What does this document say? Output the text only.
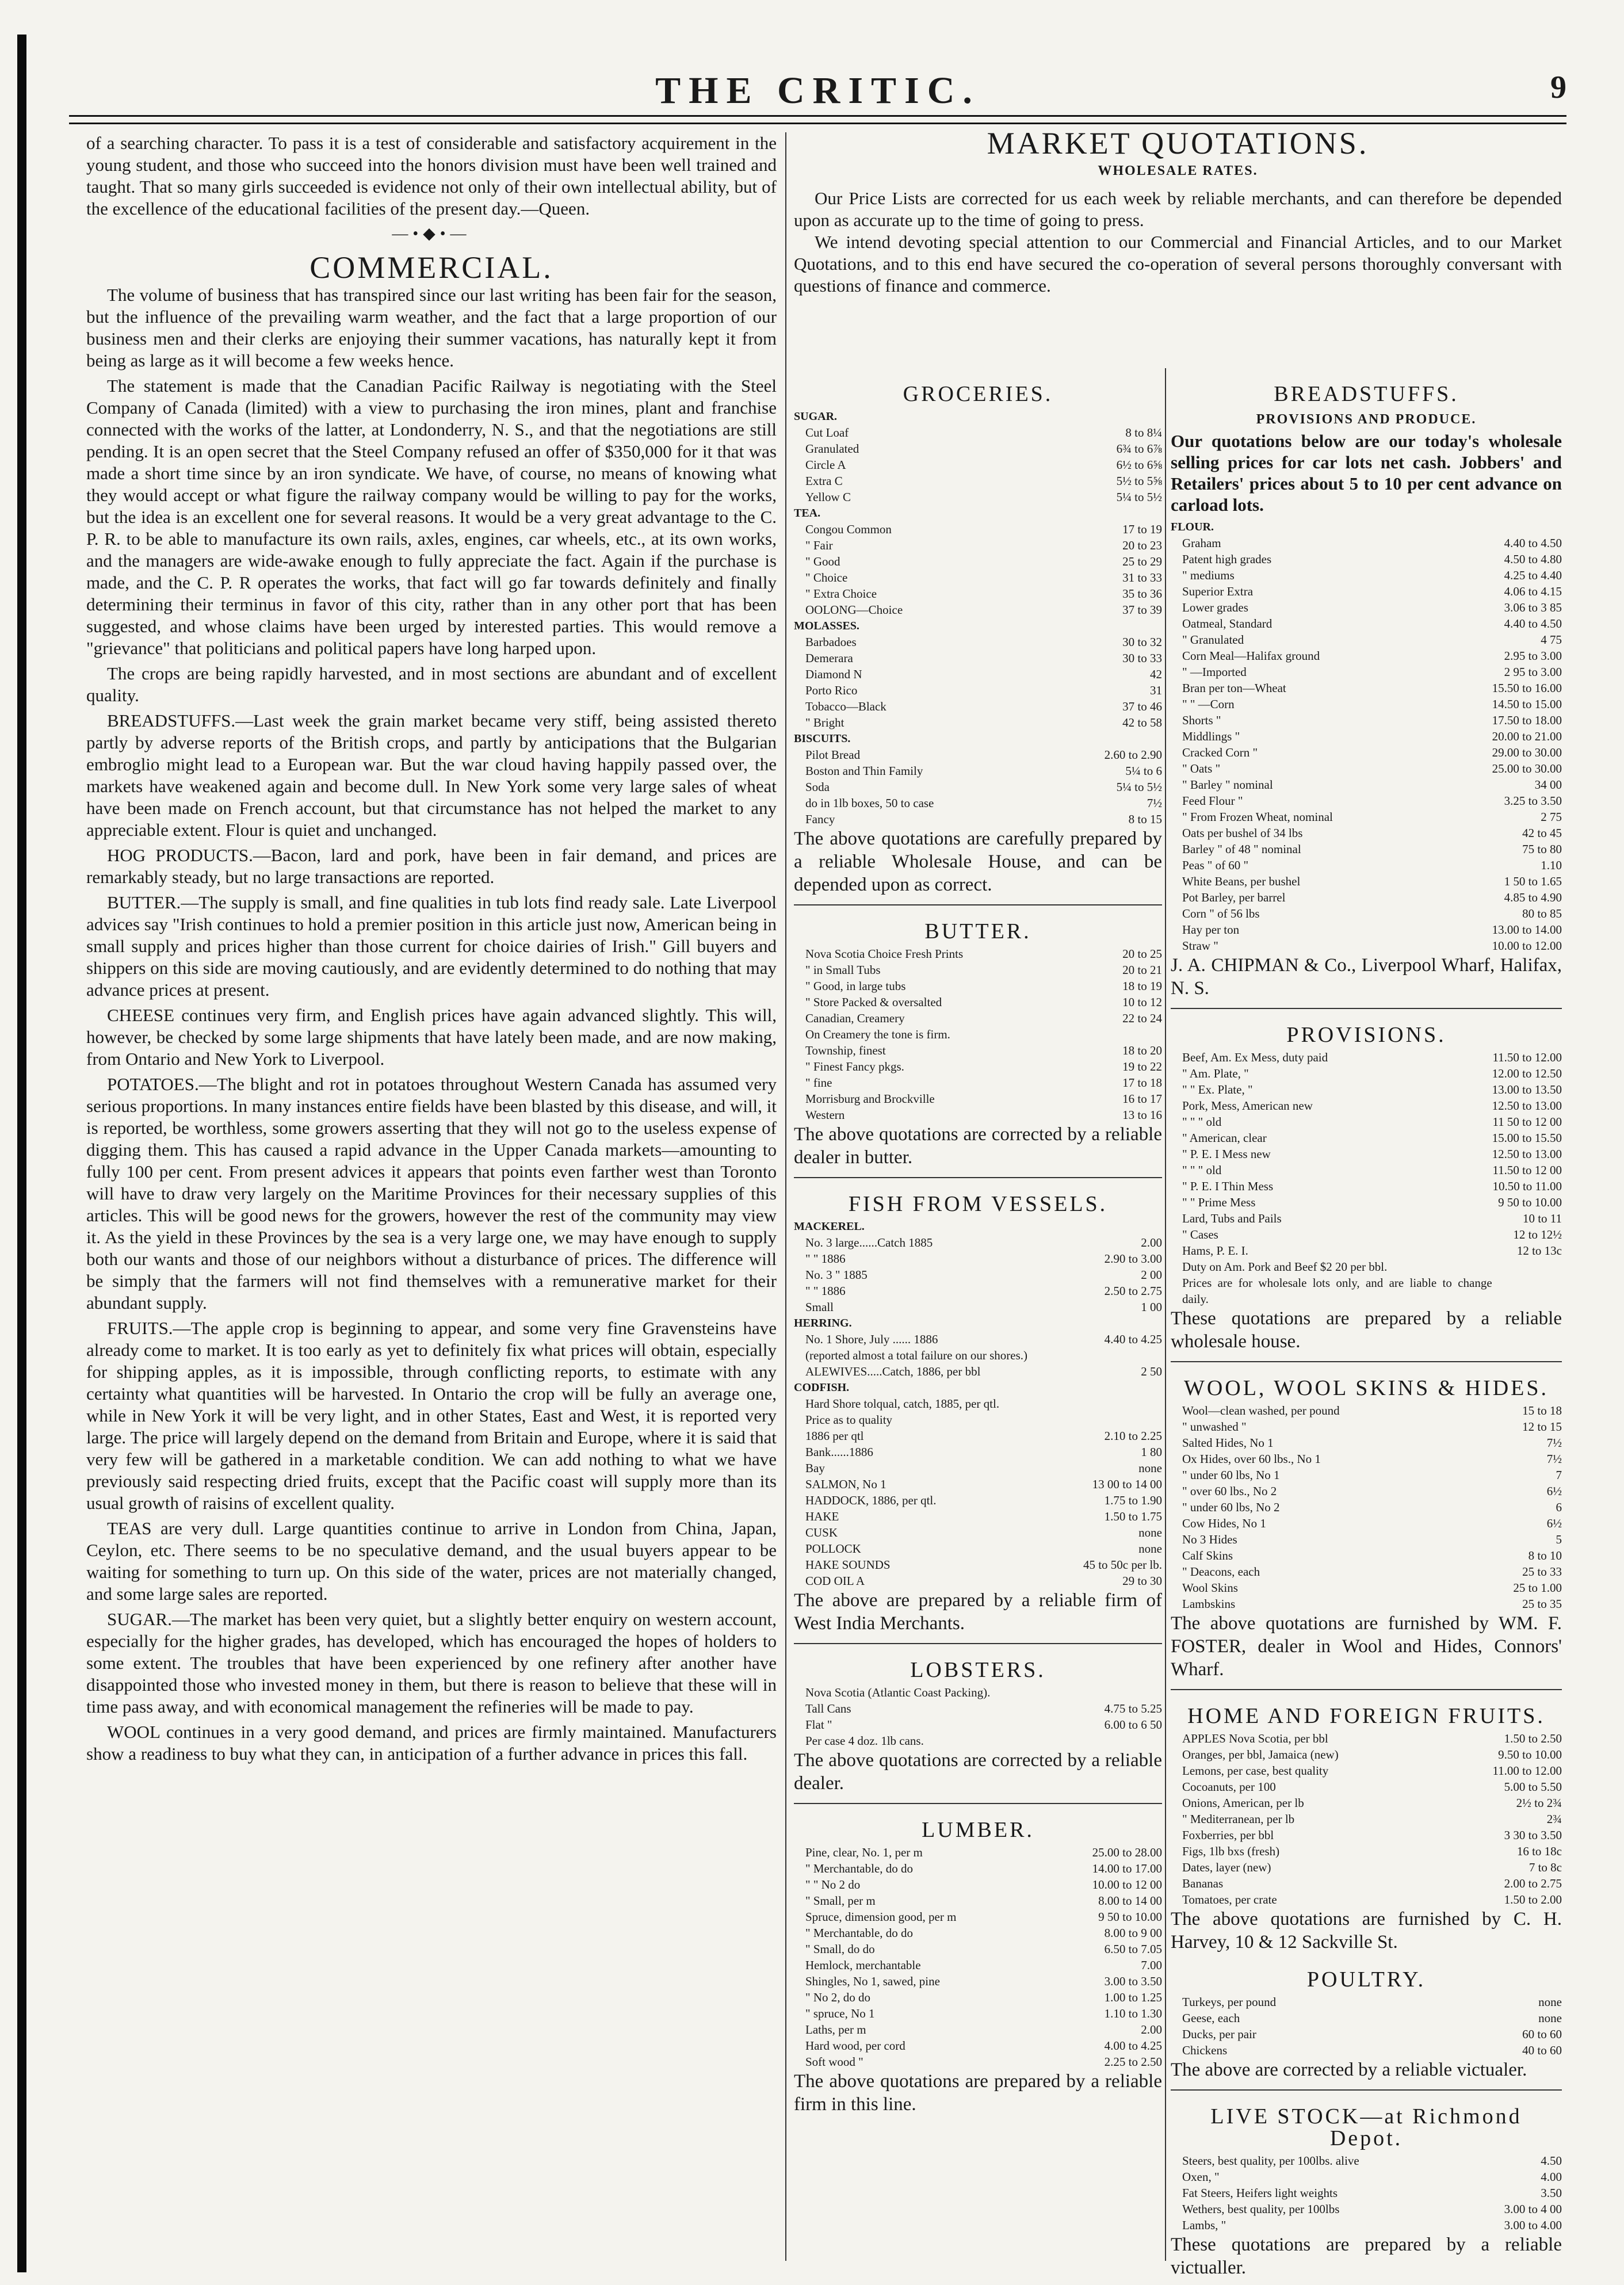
THE CRITIC.	9

of a searching character. To pass it is a test of considerable and satisfactory acquirement in the young student, and those who succeed into the honors division must have been well trained and taught. That so many girls succeeded is evidence not only of their own intellectual ability, but of the excellence of the educational facilities of the present day.—Queen.

—•◆•—
COMMERCIAL.

The volume of business that has transpired since our last writing has been fair for the season, but the influence of the prevailing warm weather, and the fact that a large proportion of our business men and their clerks are enjoying their summer vacations, has naturally kept it from being as large as it will become a few weeks hence.

The statement is made that the Canadian Pacific Railway is negotiating with the Steel Company of Canada (limited) with a view to purchasing the iron mines, plant and franchise connected with the works of the latter, at Londonderry, N. S., and that the negotiations are still pending. It is an open secret that the Steel Company refused an offer of $350,000 for it that was made a short time since by an iron syndicate. We have, of course, no means of knowing what they would accept or what figure the railway company would be willing to pay for the works, but the idea is an excellent one for several reasons. It would be a very great advantage to the C. P. R. to be able to manufacture its own rails, axles, engines, car wheels, etc., at its own works, and the managers are wide-awake enough to fully appreciate the fact. Again if the purchase is made, and the C. P. R operates the works, that fact will go far towards definitely and finally determining their terminus in favor of this city, rather than in any other port that has been suggested, and whose claims have been urged by interested parties. This would remove a "grievance" that politicians and political papers have long harped upon.

The crops are being rapidly harvested, and in most sections are abundant and of excellent quality.

BREADSTUFFS.—Last week the grain market became very stiff, being assisted thereto partly by adverse reports of the British crops, and partly by anticipations that the Bulgarian embroglio might lead to a European war. But the war cloud having happily passed over, the markets have weakened again and become dull. In New York some very large sales of wheat have been made on French account, but that circumstance has not helped the market to any appreciable extent. Flour is quiet and unchanged.

HOG PRODUCTS.—Bacon, lard and pork, have been in fair demand, and prices are remarkably steady, but no large transactions are reported.

BUTTER.—The supply is small, and fine qualities in tub lots find ready sale. Late Liverpool advices say "Irish continues to hold a premier position in this article just now, American being in small supply and prices higher than those current for choice dairies of Irish." Gill buyers and shippers on this side are moving cautiously, and are evidently determined to do nothing that may advance prices at present.

CHEESE continues very firm, and English prices have again advanced slightly. This will, however, be checked by some large shipments that have lately been made, and are now making, from Ontario and New York to Liverpool.

POTATOES.—The blight and rot in potatoes throughout Western Canada has assumed very serious proportions. In many instances entire fields have been blasted by this disease, and will, it is reported, be worthless, some growers asserting that they will not go to the useless expense of digging them. This has caused a rapid advance in the Upper Canada markets—amounting to fully 100 per cent. From present advices it appears that points even farther west than Toronto will have to draw very largely on the Maritime Provinces for their necessary supplies of this articles. This will be good news for the growers, however the rest of the community may view it. As the yield in these Provinces by the sea is a very large one, we may have enough to supply both our wants and those of our neighbors without a disturbance of prices. The difference will be simply that the farmers will not find themselves with a remunerative market for their abundant supply.

FRUITS.—The apple crop is beginning to appear, and some very fine Gravensteins have already come to market. It is too early as yet to definitely fix what prices will obtain, especially for shipping apples, as it is impossible, through conflicting reports, to estimate with any certainty what quantities will be harvested. In Ontario the crop will be fully an average one, while in New York it will be very light, and in other States, East and West, it is reported very large. The price will largely depend on the demand from Britain and Europe, where it is said that very few will be gathered in a marketable condition. We can add nothing to what we have previously said respecting dried fruits, except that the Pacific coast will supply more than its usual growth of raisins of excellent quality.

TEAS are very dull. Large quantities continue to arrive in London from China, Japan, Ceylon, etc. There seems to be no speculative demand, and the usual buyers appear to be waiting for something to turn up. On this side of the water, prices are not materially changed, and some large sales are reported.

SUGAR.—The market has been very quiet, but a slightly better enquiry on western account, especially for the higher grades, has developed, which has encouraged the hopes of holders to some extent. The troubles that have been experienced by one refinery after another have disappointed those who invested money in them, but there is reason to believe that these will in time pass away, and with economical management the refineries will be made to pay.

WOOL continues in a very good demand, and prices are firmly maintained. Manufacturers show a readiness to buy what they can, in anticipation of a further advance in prices this fall.

MARKET QUOTATIONS.
WHOLESALE RATES.

Our Price Lists are corrected for us each week by reliable merchants, and can therefore be depended upon as accurate up to the time of going to press.

We intend devoting special attention to our Commercial and Financial Articles, and to our Market Quotations, and to this end have secured the co-operation of several persons thoroughly conversant with questions of finance and commerce.

GROCERIES.
SUGAR.	
Cut Loaf	8 to 8¼
Granulated	6¾ to 6⅞
Circle A	6½ to 6⅝
Extra C	5½ to 5⅝
Yellow C	5¼ to 5½
TEA.	
Congou Common	17 to 19
" Fair	20 to 23
" Good	25 to 29
" Choice	31 to 33
" Extra Choice	35 to 36
OOLONG—Choice	37 to 39
MOLASSES.	
Barbadoes	30 to 32
Demerara	30 to 33
Diamond N	42
Porto Rico	31
Tobacco—Black	37 to 46
" Bright	42 to 58
BISCUITS.	
Pilot Bread	2.60 to 2.90
Boston and Thin Family	5¼ to 6
Soda	5¼ to 5½
do in 1lb boxes, 50 to case	7½
Fancy	8 to 15

The above quotations are carefully prepared by a reliable Wholesale House, and can be depended upon as correct.

BUTTER.
Nova Scotia Choice Fresh Prints	20 to 25
" in Small Tubs	20 to 21
" Good, in large tubs	18 to 19
" Store Packed & oversalted	10 to 12
Canadian, Creamery	22 to 24
On Creamery the tone is firm.	
Township, finest	18 to 20
" Finest Fancy pkgs.	19 to 22
" fine	17 to 18
Morrisburg and Brockville	16 to 17
Western	13 to 16

The above quotations are corrected by a reliable dealer in butter.

FISH FROM VESSELS.
MACKEREL.	
No. 3 large......Catch 1885	2.00
" " 1886	2.90 to 3.00
No. 3 " 1885	2 00
" " 1886	2.50 to 2.75
Small	1 00
HERRING.	
No. 1 Shore, July ...... 1886	4.40 to 4.25
(reported almost a total failure on our shores.)	
ALEWIVES.....Catch, 1886, per bbl	2 50
CODFISH.	
Hard Shore tolqual, catch, 1885, per qtl.	
Price as to quality	
1886 per qtl	2.10 to 2.25
Bank......1886	1 80
Bay	none
SALMON, No 1	13 00 to 14 00
HADDOCK, 1886, per qtl.	1.75 to 1.90
HAKE	1.50 to 1.75
CUSK	none
POLLOCK	none
HAKE SOUNDS	45 to 50c per lb.
COD OIL A	29 to 30

The above are prepared by a reliable firm of West India Merchants.

LOBSTERS.
Nova Scotia (Atlantic Coast Packing).	
Tall Cans	4.75 to 5.25
Flat "	6.00 to 6 50
Per case 4 doz. 1lb cans.	

The above quotations are corrected by a reliable dealer.

LUMBER.
Pine, clear, No. 1, per m	25.00 to 28.00
" Merchantable, do do	14.00 to 17.00
" " No 2 do	10.00 to 12 00
" Small, per m	8.00 to 14 00
Spruce, dimension good, per m	9 50 to 10.00
" Merchantable, do do	8.00 to 9 00
" Small, do do	6.50 to 7.05
Hemlock, merchantable	7.00
Shingles, No 1, sawed, pine	3.00 to 3.50
" No 2, do do	1.00 to 1.25
" spruce, No 1	1.10 to 1.30
Laths, per m	2.00
Hard wood, per cord	4.00 to 4.25
Soft wood "	2.25 to 2.50

The above quotations are prepared by a reliable firm in this line.

BREADSTUFFS.
PROVISIONS AND PRODUCE.

Our quotations below are our today's wholesale selling prices for car lots net cash. Jobbers' and Retailers' prices about 5 to 10 per cent advance on carload lots.

FLOUR.	
Graham	4.40 to 4.50
Patent high grades	4.50 to 4.80
" mediums	4.25 to 4.40
Superior Extra	4.06 to 4.15
Lower grades	3.06 to 3 85
Oatmeal, Standard	4.40 to 4.50
" Granulated	4 75
Corn Meal—Halifax ground	2.95 to 3.00
" —Imported	2 95 to 3.00
Bran per ton—Wheat	15.50 to 16.00
" " —Corn	14.50 to 15.00
Shorts "	17.50 to 18.00
Middlings "	20.00 to 21.00
Cracked Corn "	29.00 to 30.00
" Oats "	25.00 to 30.00
" Barley " nominal	34 00
Feed Flour "	3.25 to 3.50
" From Frozen Wheat, nominal	2 75
Oats per bushel of 34 lbs	42 to 45
Barley " of 48 " nominal	75 to 80
Peas " of 60 "	1.10
White Beans, per bushel	1 50 to 1.65
Pot Barley, per barrel	4.85 to 4.90
Corn " of 56 lbs	80 to 85
Hay per ton	13.00 to 14.00
Straw "	10.00 to 12.00

J. A. CHIPMAN & Co., Liverpool Wharf, Halifax, N. S.

PROVISIONS.
Beef, Am. Ex Mess, duty paid	11.50 to 12.00
" Am. Plate, "	12.00 to 12.50
" " Ex. Plate, "	13.00 to 13.50
Pork, Mess, American new	12.50 to 13.00
" " " old	11 50 to 12 00
" American, clear	15.00 to 15.50
" P. E. I Mess new	12.50 to 13.00
" " " old	11.50 to 12 00
" P. E. I Thin Mess	10.50 to 11.00
" " Prime Mess	9 50 to 10.00
Lard, Tubs and Pails	10 to 11
" Cases	12 to 12½
Hams, P. E. I.	12 to 13c
Duty on Am. Pork and Beef $2 20 per bbl.	
Prices are for wholesale lots only, and are liable to change daily.	

These quotations are prepared by a reliable wholesale house.

WOOL, WOOL SKINS & HIDES.
Wool—clean washed, per pound	15 to 18
" unwashed "	12 to 15
Salted Hides, No 1	7½
Ox Hides, over 60 lbs., No 1	7½
" under 60 lbs, No 1	7
" over 60 lbs., No 2	6½
" under 60 lbs, No 2	6
Cow Hides, No 1	6½
No 3 Hides	5
Calf Skins	8 to 10
" Deacons, each	25 to 33
Wool Skins	25 to 1.00
Lambskins	25 to 35

The above quotations are furnished by WM. F. FOSTER, dealer in Wool and Hides, Connors' Wharf.

HOME AND FOREIGN FRUITS.
APPLES Nova Scotia, per bbl	1.50 to 2.50
Oranges, per bbl, Jamaica (new)	9.50 to 10.00
Lemons, per case, best quality	11.00 to 12.00
Cocoanuts, per 100	5.00 to 5.50
Onions, American, per lb	2½ to 2¾
" Mediterranean, per lb	2¾
Foxberries, per bbl	3 30 to 3.50
Figs, 1lb bxs (fresh)	16 to 18c
Dates, layer (new)	7 to 8c
Bananas	2.00 to 2.75
Tomatoes, per crate	1.50 to 2.00

The above quotations are furnished by C. H. Harvey, 10 & 12 Sackville St.

POULTRY.
Turkeys, per pound	none
Geese, each	none
Ducks, per pair	60 to 60
Chickens	40 to 60

The above are corrected by a reliable victualer.

LIVE STOCK—at Richmond Depot.
Steers, best quality, per 100lbs. alive	4.50
Oxen, "	4.00
Fat Steers, Heifers light weights	3.50
Wethers, best quality, per 100lbs	3.00 to 4 00
Lambs, "	3.00 to 4.00

These quotations are prepared by a reliable victualler.
